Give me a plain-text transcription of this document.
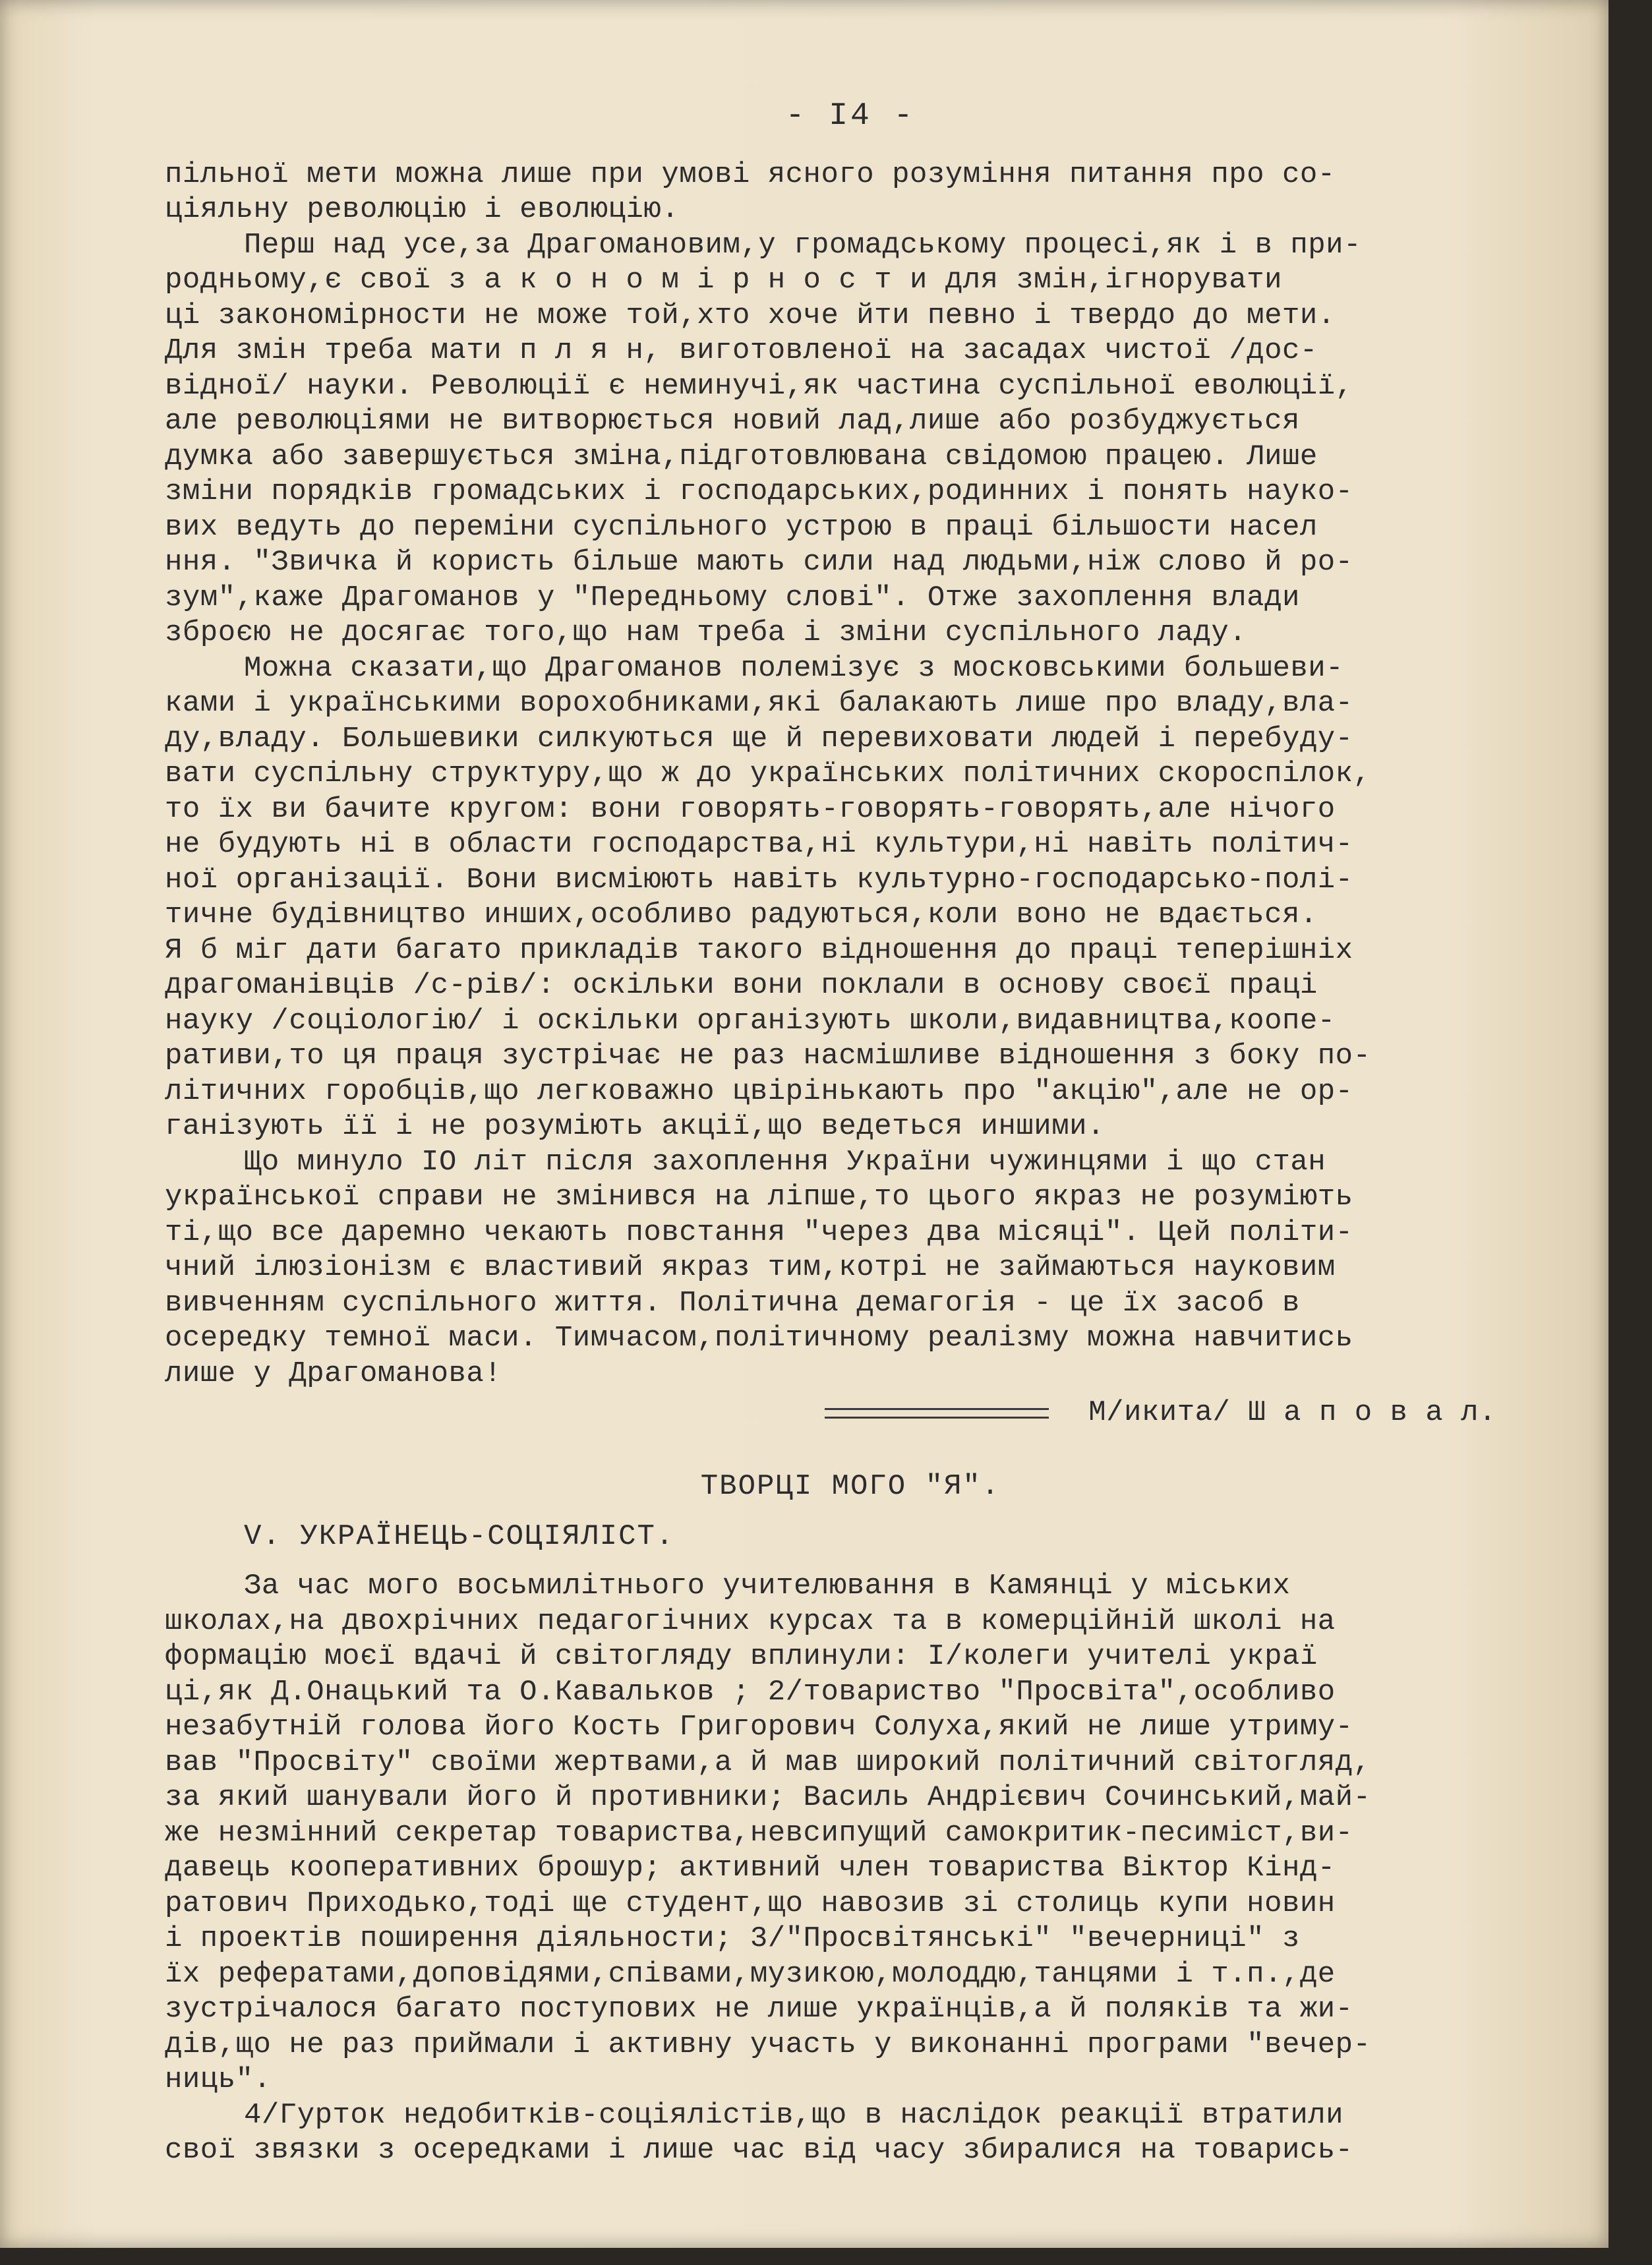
- I4 -
пільної мети можна лише при умові ясного розуміння питання про со-
ціяльну революцію і еволюцію.
Перш над усе,за Драгомановим,у громадському процесі,як і в при-
родньому,є свої з а к о н о м і р н о с т и для змін,ігнорувати
ці закономірности не може той,хто хоче йти певно і твердо до мети.
Для змін треба мати п л я н, виготовленої на засадах чистої /дос-
відної/ науки. Революції є неминучі,як частина суспільної еволюції,
але революціями не витворюється новий лад,лише або розбуджується
думка або завершується зміна,підготовлювана свідомою працею. Лише
зміни порядків громадських і господарських,родинних і понять науко-
вих ведуть до переміни суспільного устрою в праці більшости насел
ння. "Звичка й користь більше мають сили над людьми,ніж слово й ро-
зум",каже Драгоманов у "Передньому слові". Отже захоплення влади
зброєю не досягає того,що нам треба і зміни суспільного ладу.
Можна сказати,що Драгоманов полемізує з московськими большеви-
ками і українськими ворохобниками,які балакають лише про владу,вла-
ду,владу. Большевики силкуються ще й перевиховати людей і перебуду-
вати суспільну структуру,що ж до українських політичних скороспілок,
то їх ви бачите кругом: вони говорять-говорять-говорять,але нічого
не будують ні в области господарства,ні культури,ні навіть політич-
ної організації. Вони висміюють навіть культурно-господарсько-полі-
тичне будівництво инших,особливо радуються,коли воно не вдається.
Я б міг дати багато прикладів такого відношення до праці теперішніх
драгоманівців /с-рів/: оскільки вони поклали в основу своєї праці
науку /соціологію/ і оскільки організують школи,видавництва,коопе-
ративи,то ця праця зустрічає не раз насмішливе відношення з боку по-
літичних горобців,що легковажно цвірінькають про "акцію",але не ор-
ганізують її і не розуміють акції,що ведеться иншими.
Що минуло IO літ після захоплення України чужинцями і що стан
української справи не змінився на ліпше,то цього якраз не розуміють
ті,що все даремно чекають повстання "через два місяці". Цей політи-
чний ілюзіонізм є властивий якраз тим,котрі не займаються науковим
вивченням суспільного життя. Політична демагогія - це їх засоб в
осередку темної маси. Тимчасом,політичному реалізму можна навчитись
лише у Драгоманова!
М/икита/ Ш а п о в а л.
ТВОРЦІ МОГО "Я".
V. УКРАЇНЕЦЬ-СОЦІЯЛІСТ.
За час мого восьмилітнього учителювання в Камянці у міських
школах,на двохрічних педагогічних курсах та в комерційній школі на
формацію моєї вдачі й світогляду вплинули: I/колеги учителі украї
ці,як Д.Онацький та О.Кавальков ; 2/товариство "Просвіта",особливо
незабутній голова його Кость Григорович Солуха,який не лише утриму-
вав "Просвіту" своїми жертвами,а й мав широкий політичний світогляд,
за який шанували його й противники; Василь Андрієвич Сочинський,май-
же незмінний секретар товариства,невсипущий самокритик-песиміст,ви-
давець кооперативних брошур; активний член товариства Віктор Кінд-
ратович Приходько,тоді ще студент,що навозив зі столиць купи новин
і проектів поширення діяльности; 3/"Просвітянські" "вечерниці" з
їх рефератами,доповідями,співами,музикою,молоддю,танцями і т.п.,де
зустрічалося багато поступових не лише українців,а й поляків та жи-
дів,що не раз приймали і активну участь у виконанні програми "вечер-
ниць".
4/Гурток недобитків-соціялістів,що в наслідок реакції втратили
свої звязки з осередками і лише час від часу збиралися на товарись-
